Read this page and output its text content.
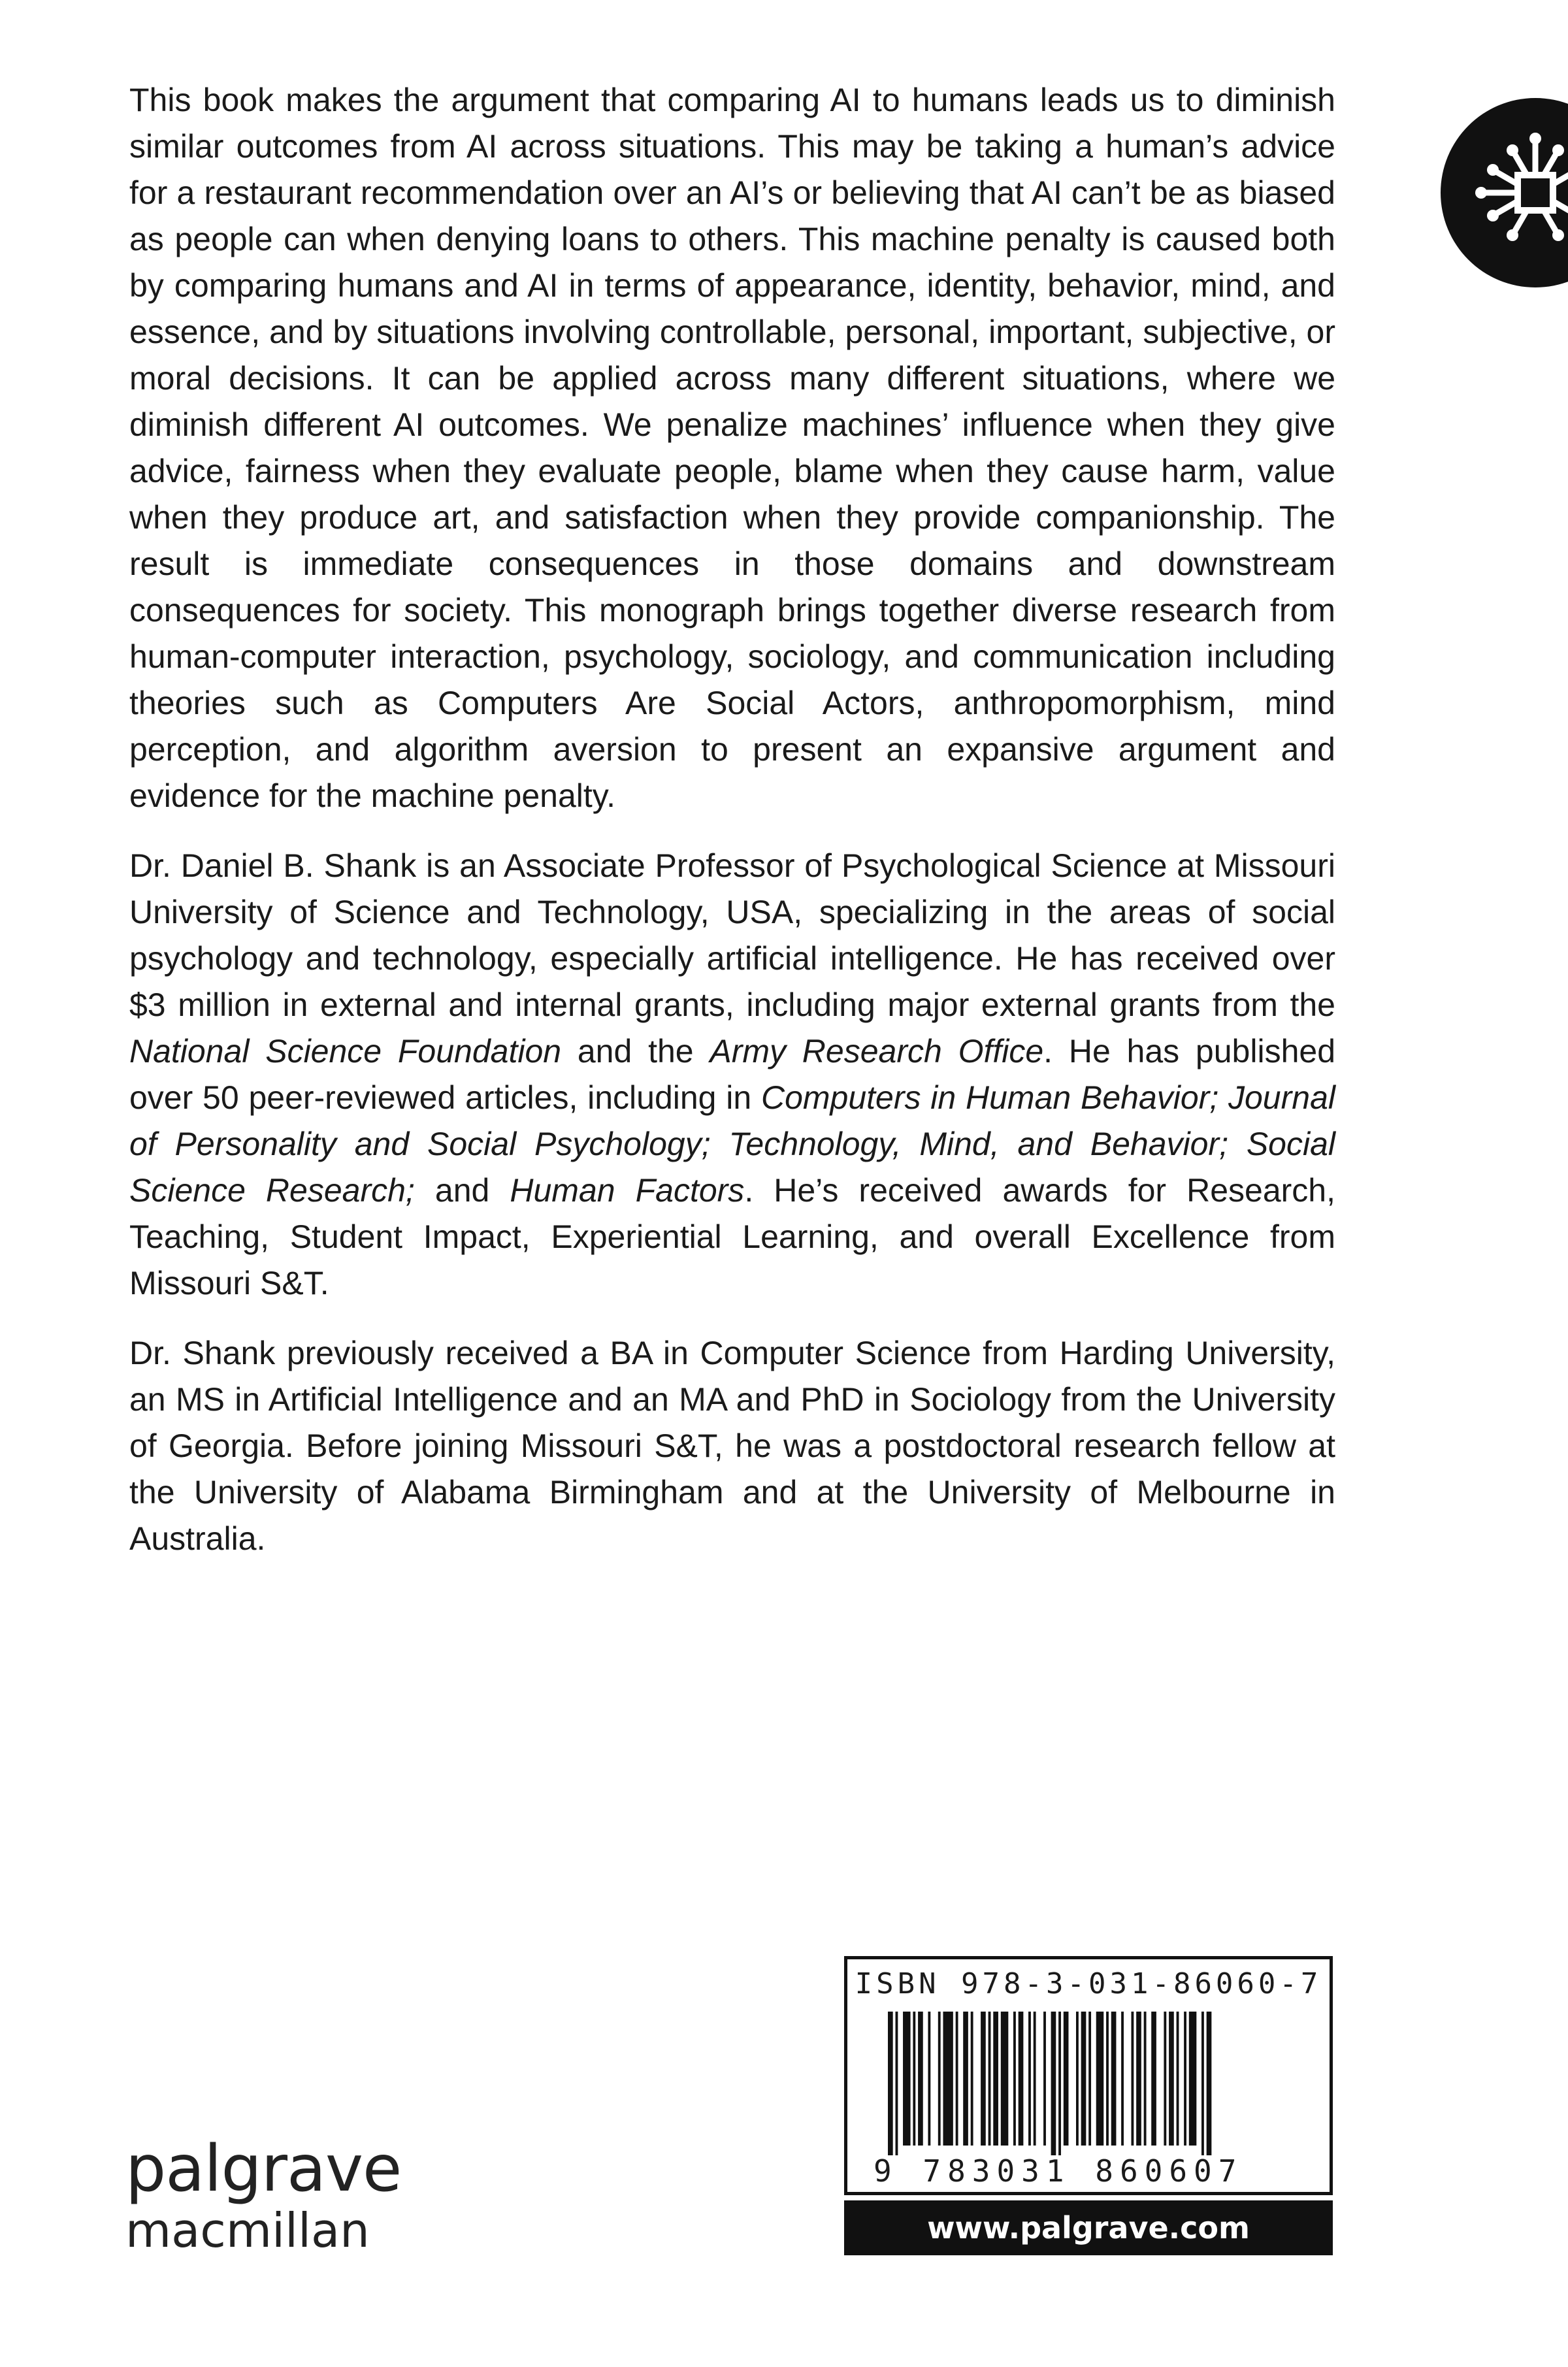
This book makes the argument that comparing AI to humans leads us to diminish similar outcomes from AI across situations. This may be taking a human’s advice for a restaurant recommendation over an AI’s or believing that AI can’t be as biased as people can when denying loans to others. This machine penalty is caused both by comparing humans and AI in terms of appearance, identity, behavior, mind, and essence, and by situations involving controllable, personal, important, subjective, or moral decisions. It can be applied across many different situations, where we diminish different AI outcomes. We penalize machines’ influence when they give advice, fairness when they evaluate people, blame when they cause harm, value when they produce art, and satisfaction when they provide companionship. The result is immediate consequences in those domains and downstream consequences for society. This monograph brings together diverse research from human-computer interaction, psychology, sociology, and communication including theories such as Computers Are Social Actors, anthropomorphism, mind perception, and algorithm aversion to present an expansive argument and evidence for the machine penalty.

Dr. Daniel B. Shank is an Associate Professor of Psychological Science at Missouri University of Science and Technology, USA, specializing in the areas of social psychology and technology, especially artificial intelligence. He has received over $3 million in external and internal grants, including major external grants from the National Science Foundation and the Army Research Office. He has published over 50 peer-reviewed articles, including in Computers in Human Behavior; Journal of Personality and Social Psychology; Technology, Mind, and Behavior; Social Science Research; and Human Factors. He’s received awards for Research, Teaching, Student Impact, Experiential Learning, and overall Excellence from Missouri S&T.

Dr. Shank previously received a BA in Computer Science from Harding University, an MS in Artificial Intelligence and an MA and PhD in Sociology from the University of Georgia. Before joining Missouri S&T, he was a postdoctoral research fellow at the University of Alabama Birmingham and at the University of Melbourne in Australia.

palgrave
macmillan
ISBN 978-3-031-86060-7
9 783031 860607
www.palgrave.com
